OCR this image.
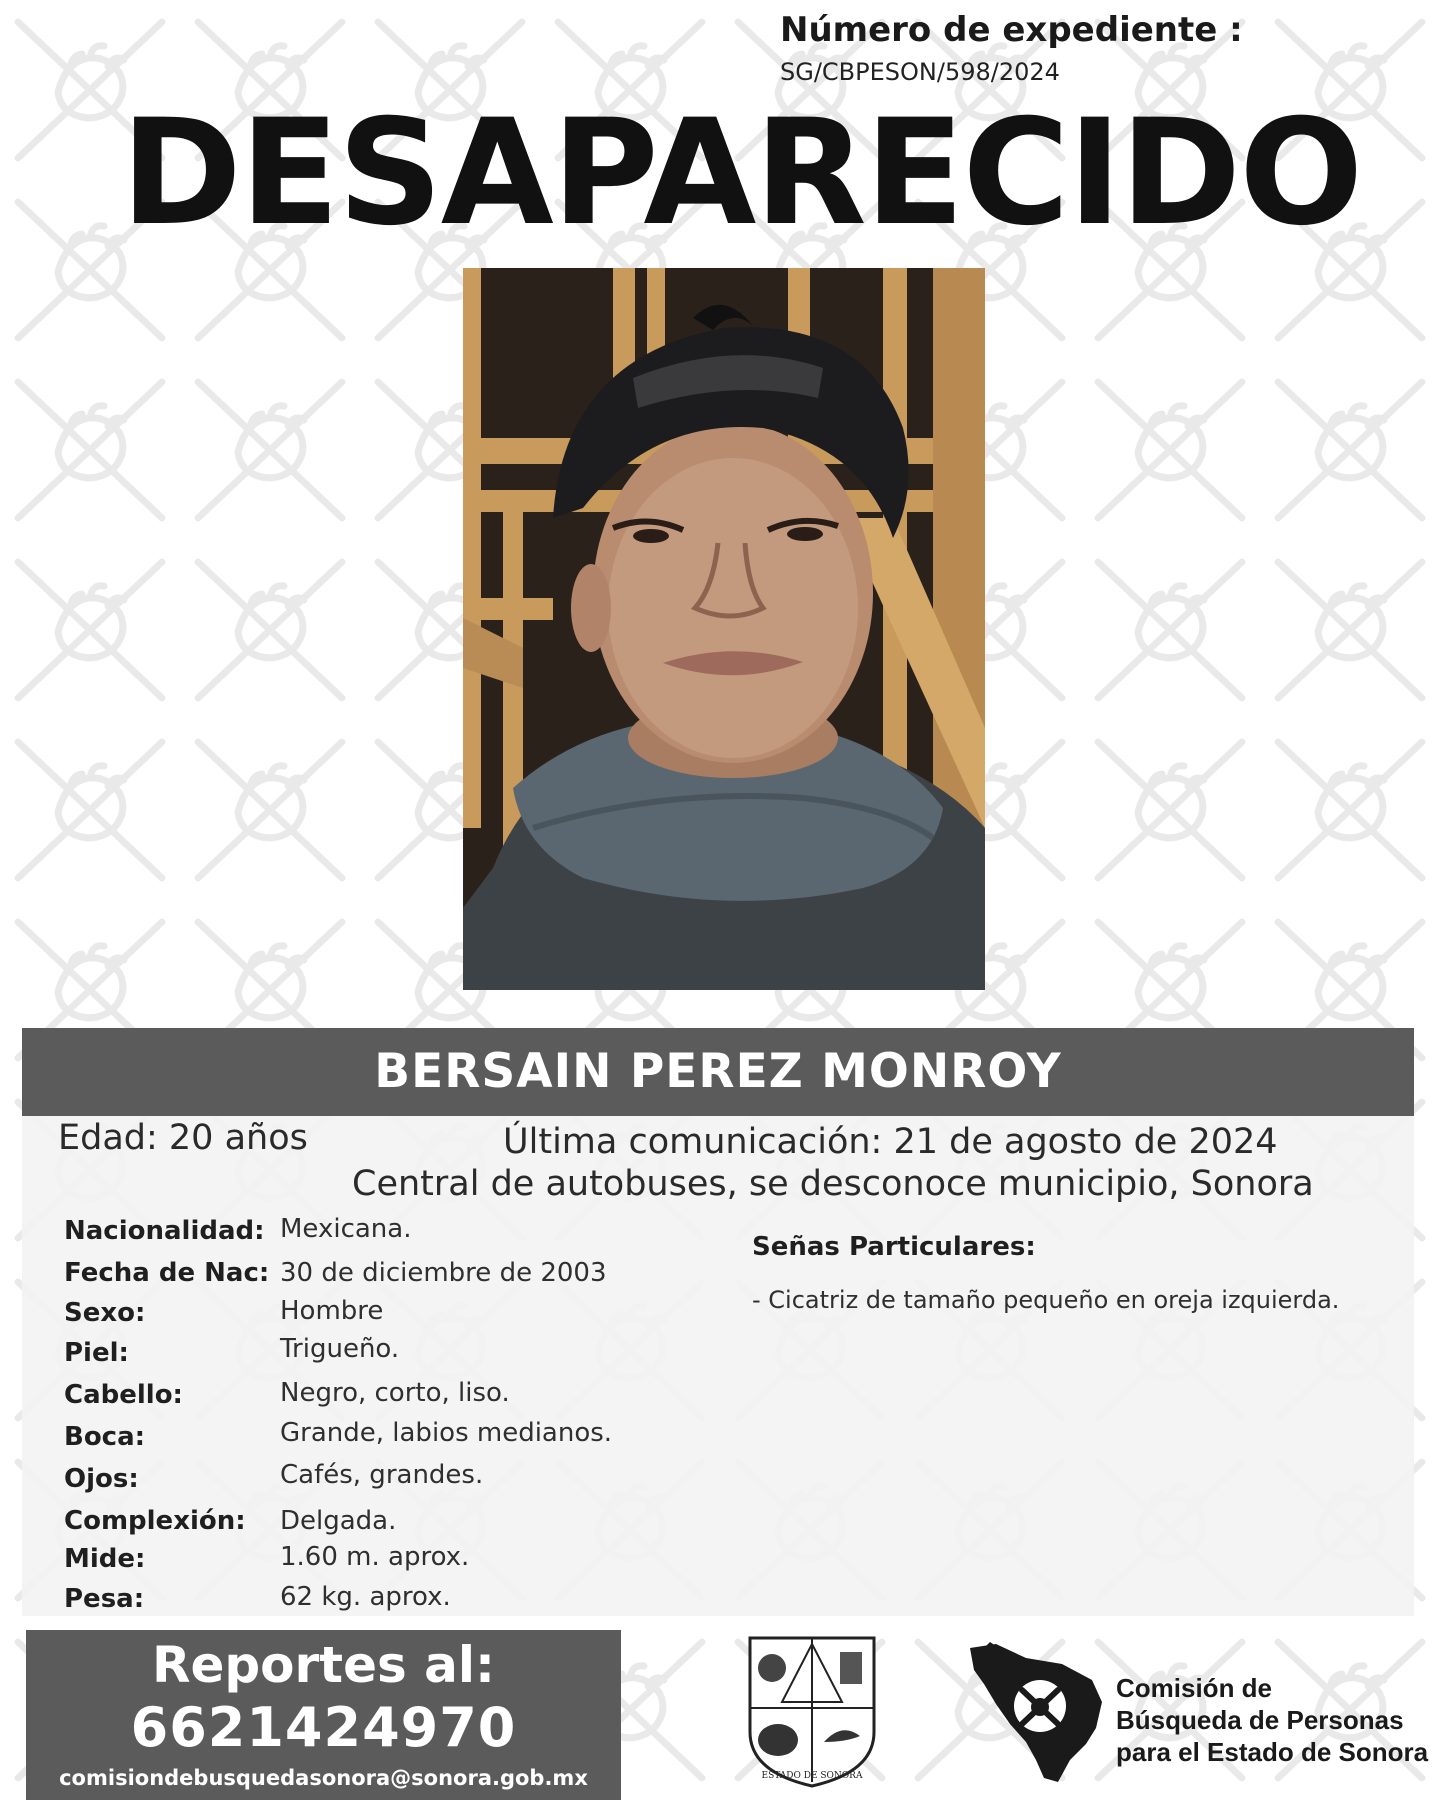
Número de expediente :
SG/CBPESON/598/2024
DESAPARECIDO
BERSAIN PEREZ MONROY
Edad: 20 años	Última comunicación: 21 de agosto de 2024
Central de autobuses, se desconoce municipio, Sonora
Nacionalidad: Mexicana.
Fecha de Nac: 30 de diciembre de 2003
Sexo:	Hombre
Piel:	Trigueño.
Cabello:	Negro, corto, liso.
Boca:	Grande, labios medianos.
Ojos:	Cafés, grandes.
Complexión: Delgada.
Mide:	1.60 m. aprox.
Pesa:	62 kg. aprox.
Señas Particulares:
- Cicatriz de tamaño pequeño en oreja izquierda.
Reportes al:
6621424970
comisiondebusquedasonora@sonora.gob.mx	ESTADO DE SONORA
Comisión de
Búsqueda de Personas
para el Estado de Sonora
